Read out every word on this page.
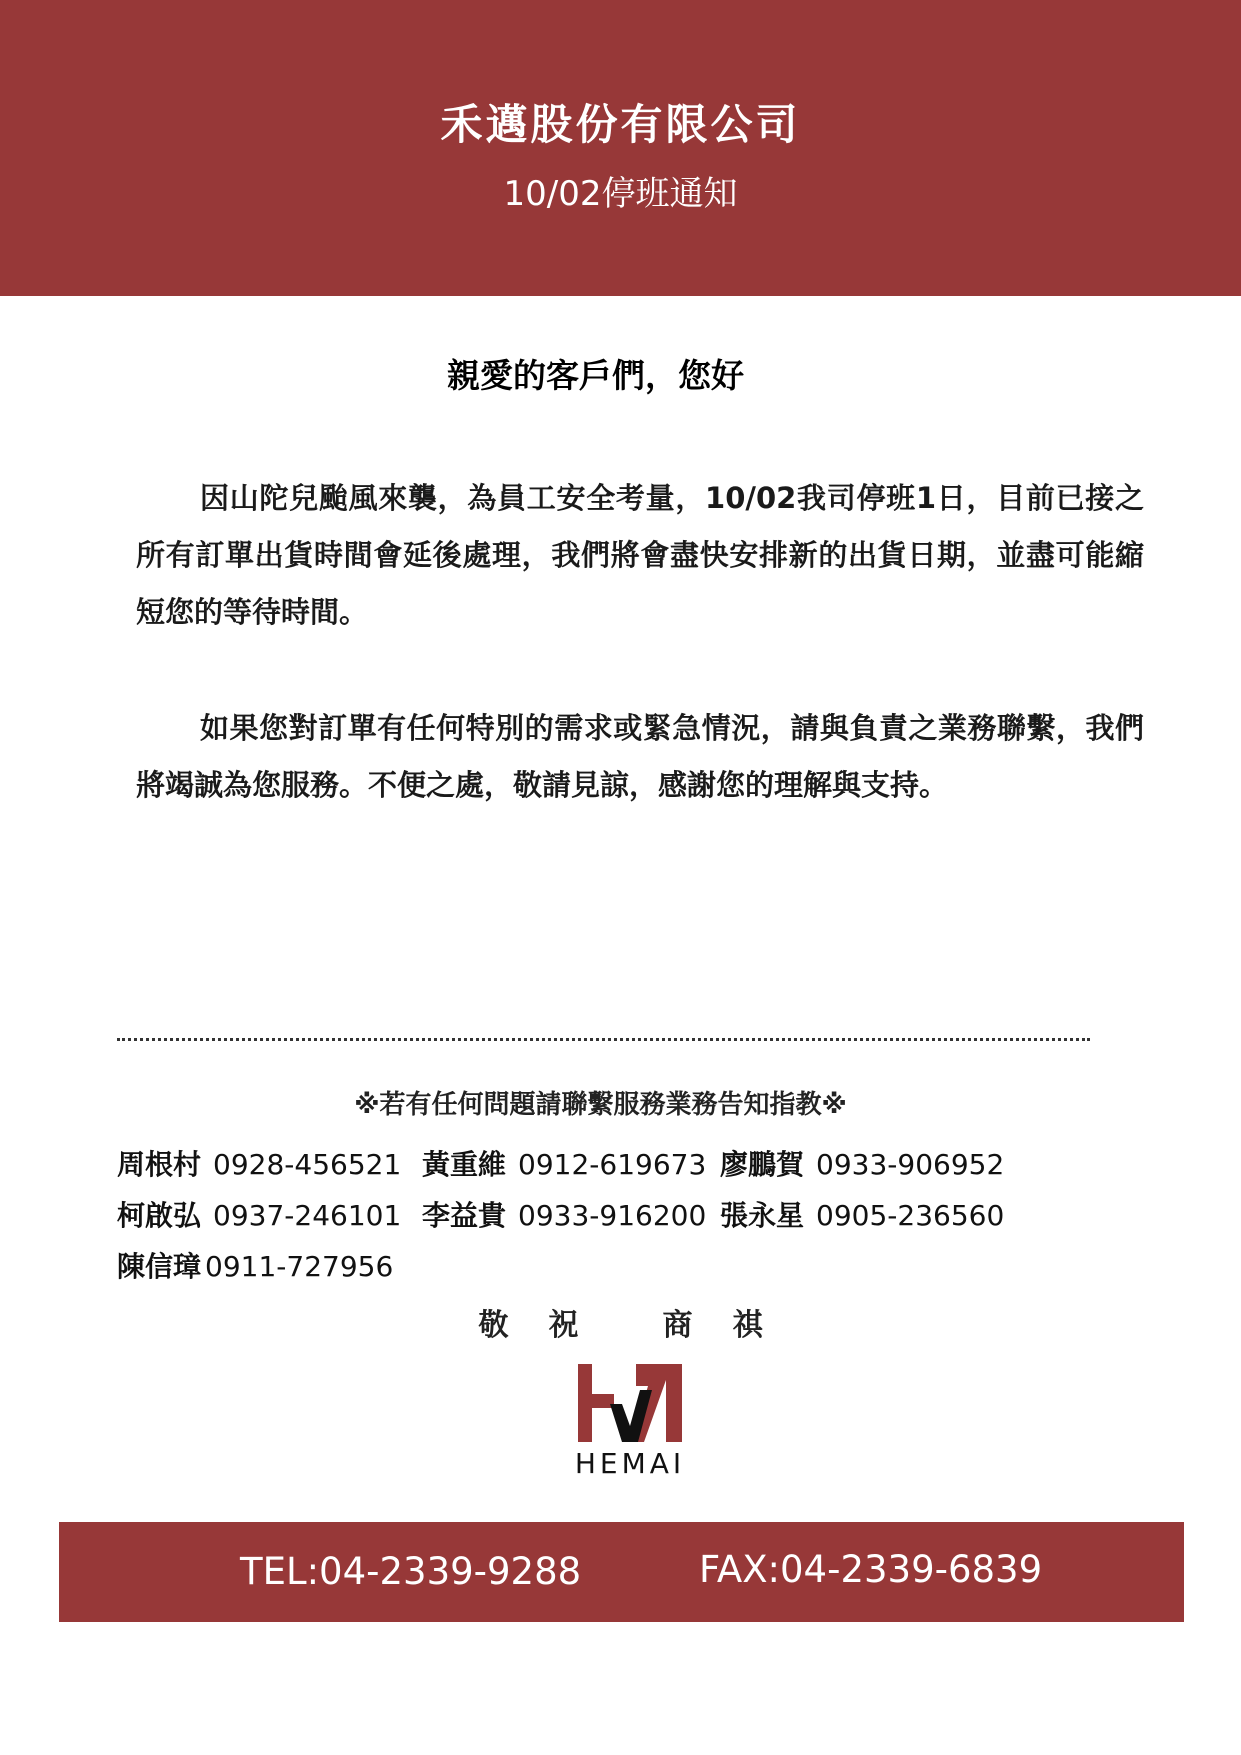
禾邁股份有限公司
10/02停班通知
親愛的客戶們，您好
因山陀兒颱風來襲，為員工安全考量，10/02我司停班1日，目前已接之所有訂單出貨時間會延後處理，我們將會盡快安排新的出貨日期，並盡可能縮短您的等待時間。
如果您對訂單有任何特別的需求或緊急情況，請與負責之業務聯繫，我們將竭誠為您服務。不便之處，敬請見諒，感謝您的理解與支持。
※若有任何問題請聯繫服務業務告知指教※
周根村 0928-456521 黃重維 0912-619673 廖鵬賀 0933-906952
柯啟弘 0937-246101 李益貴 0933-916200 張永星 0905-236560
陳信璋 0911-727956
敬 祝	商 祺
HEMAI
TEL:04-2339-9288	FAX:04-2339-6839
